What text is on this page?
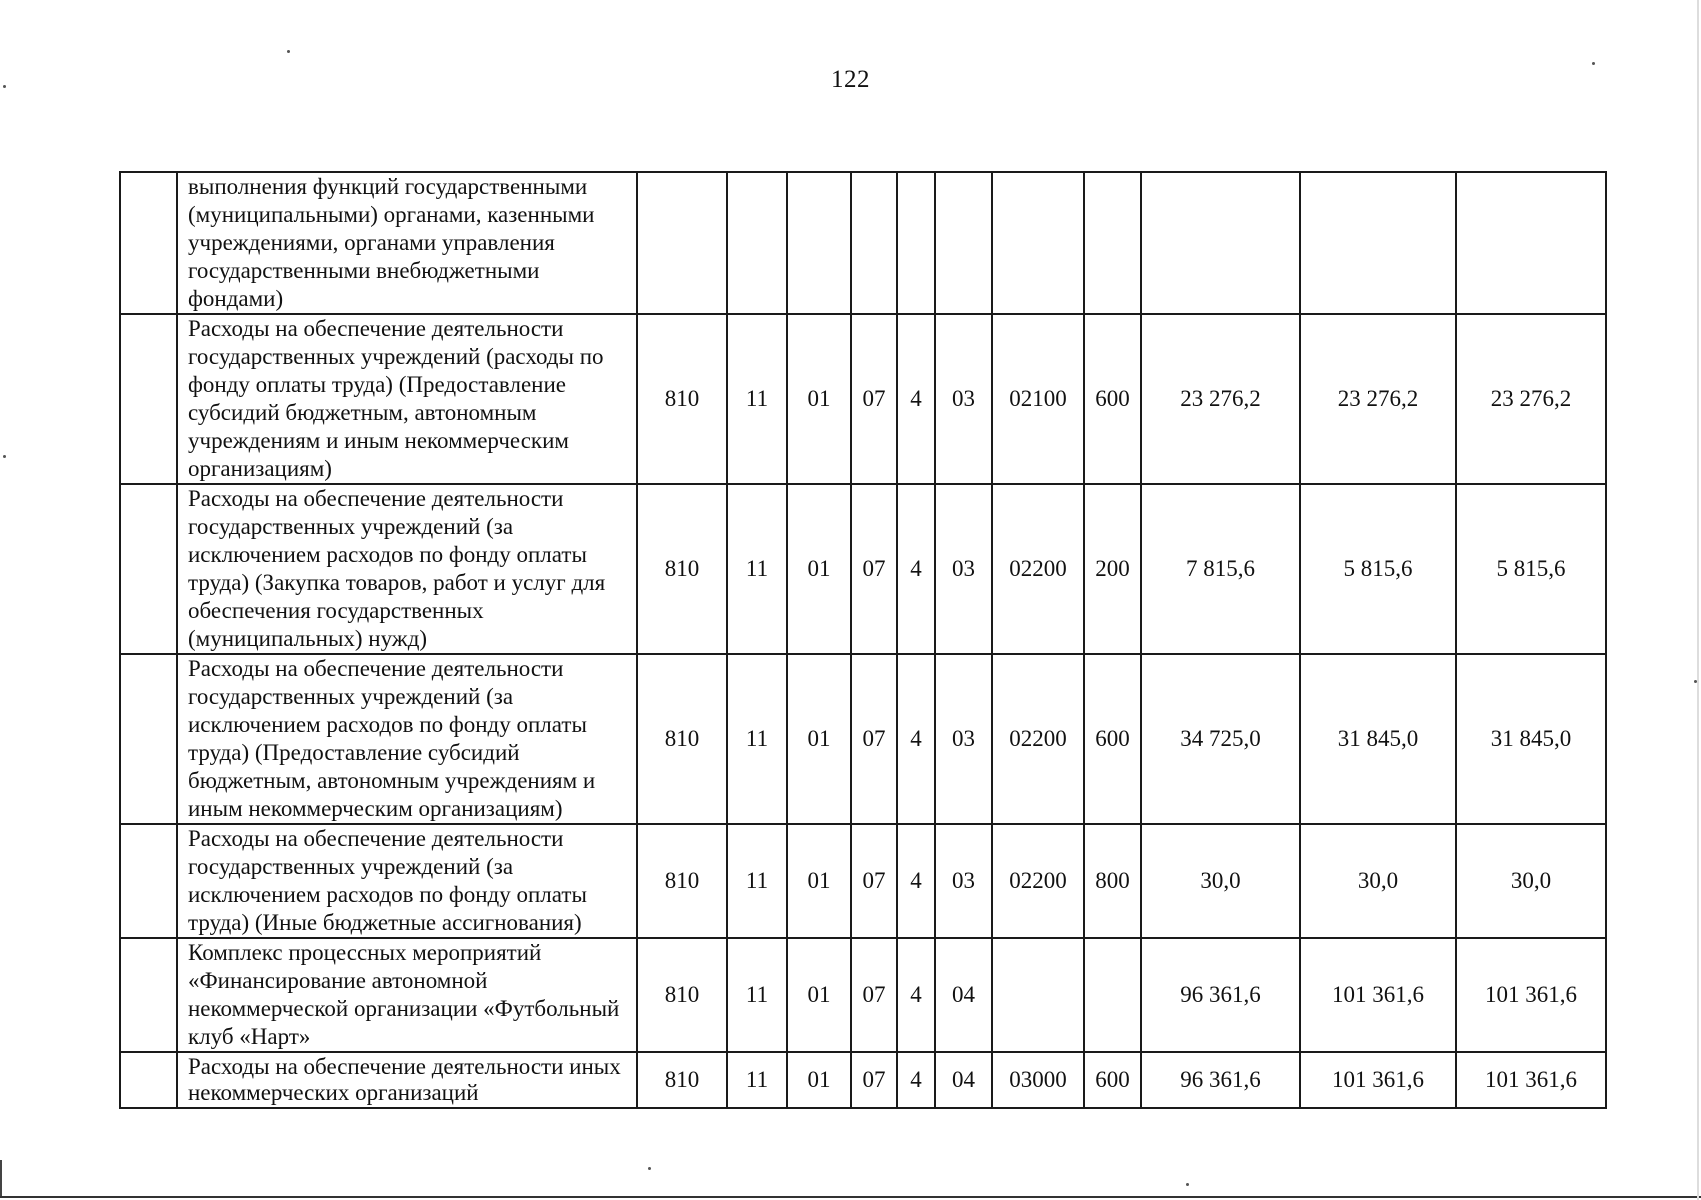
122
	выполнения функций государственными (муниципальными) органами, казенными учреждениями, органами управления государственными внебюджетными фондами)											
	Расходы на обеспечение деятельности государственных учреждений (расходы по фонду оплаты труда) (Предоставление субсидий бюджетным, автономным учреждениям и иным некоммерческим организациям)	810	11	01	07	4	03	02100	600	23 276,2	23 276,2	23 276,2
	Расходы на обеспечение деятельности государственных учреждений (за исключением расходов по фонду оплаты труда) (Закупка товаров, работ и услуг для обеспечения государственных (муниципальных) нужд)	810	11	01	07	4	03	02200	200	7 815,6	5 815,6	5 815,6
	Расходы на обеспечение деятельности государственных учреждений (за исключением расходов по фонду оплаты труда) (Предоставление субсидий бюджетным, автономным учреждениям и иным некоммерческим организациям)	810	11	01	07	4	03	02200	600	34 725,0	31 845,0	31 845,0
	Расходы на обеспечение деятельности государственных учреждений (за исключением расходов по фонду оплаты труда) (Иные бюджетные ассигнования)	810	11	01	07	4	03	02200	800	30,0	30,0	30,0
	Комплекс процессных мероприятий «Финансирование автономной некоммерческой организации «Футбольный клуб «Нарт»	810	11	01	07	4	04			96 361,6	101 361,6	101 361,6
	Расходы на обеспечение деятельности иных некоммерческих организаций	810	11	01	07	4	04	03000	600	96 361,6	101 361,6	101 361,6
